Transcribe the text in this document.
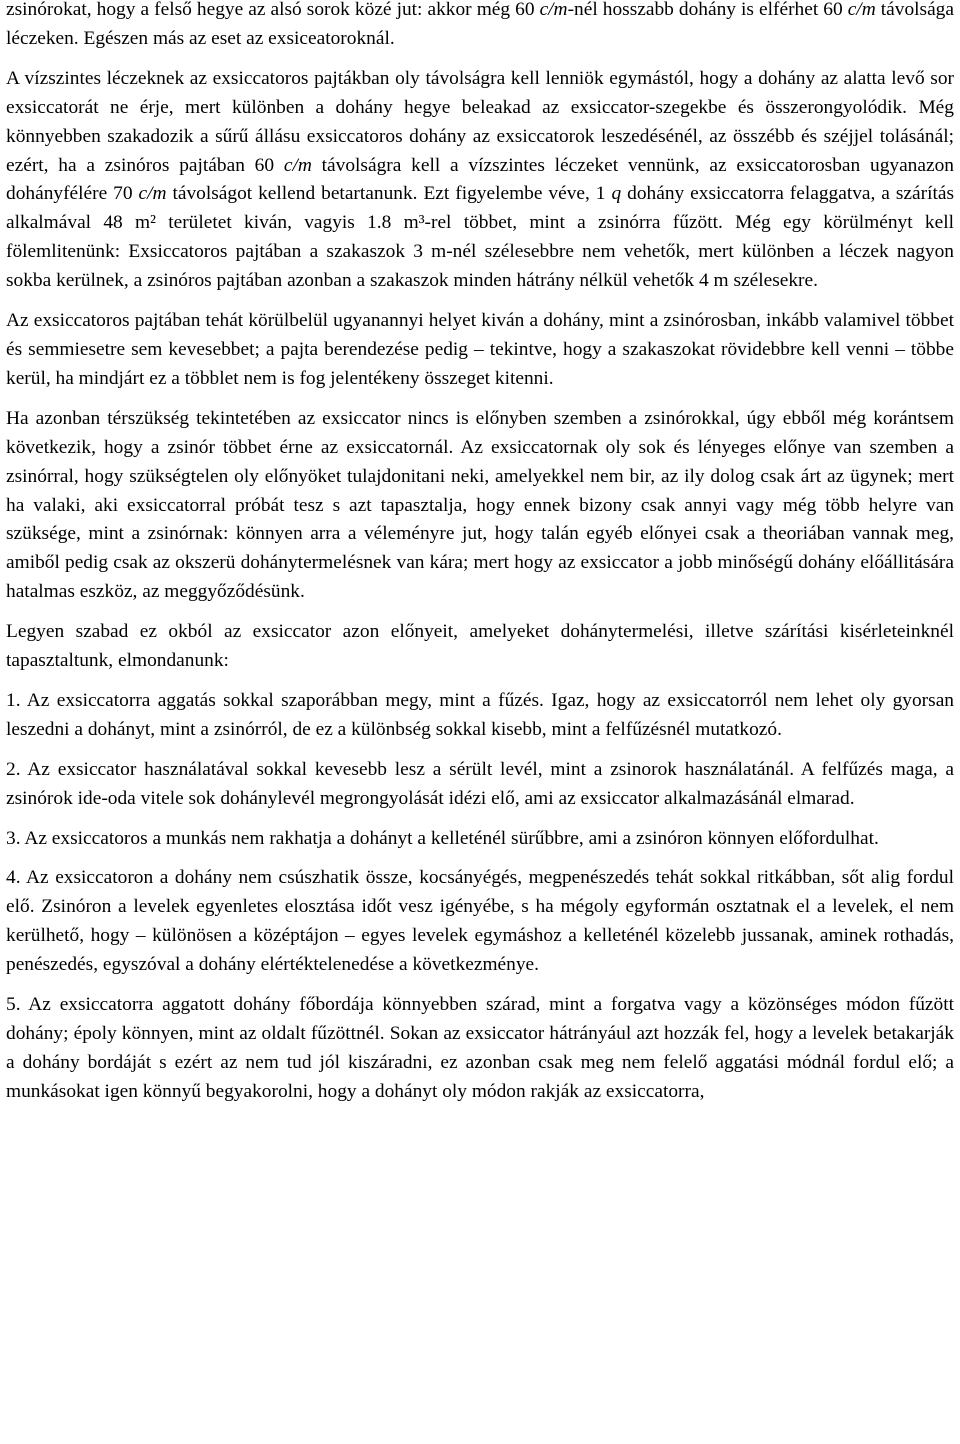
zsinórokat, hogy a felső hegye az alsó sorok közé jut: akkor még 60 c/m-nél hosszabb dohány is elférhet 60 c/m távolsága léczeken. Egészen más az eset az exsiceatoroknál.

A vízszintes léczeknek az exsiccatoros pajtákban oly távolságra kell lenniök egymástól, hogy a dohány az alatta levő sor exsiccatorát ne érje, mert különben a dohány hegye beleakad az exsiccator-szegekbe és összerongyolódik. Még könnyebben szakadozik a sűrű állásu exsiccatoros dohány az exsiccatorok leszedésénél, az összébb és széjjel tolásánál; ezért, ha a zsinóros pajtában 60 c/m távolságra kell a vízszintes léczeket vennünk, az exsiccatorosban ugyanazon dohányfélére 70 c/m távolságot kellend betartanunk. Ezt figyelembe véve, 1 q dohány exsiccatorra felaggatva, a szárítás alkalmával 48 m² területet kiván, vagyis 1.8 m³-rel többet, mint a zsinórra fűzött. Még egy körülményt kell fölemlitenünk: Exsiccatoros pajtában a szakaszok 3 m-nél szélesebbre nem vehetők, mert különben a léczek nagyon sokba kerülnek, a zsinóros pajtában azonban a szakaszok minden hátrány nélkül vehetők 4 m szélesekre.

Az exsiccatoros pajtában tehát körülbelül ugyanannyi helyet kiván a dohány, mint a zsinórosban, inkább valamivel többet és semmiesetre sem kevesebbet; a pajta berendezése pedig – tekintve, hogy a szakaszokat rövidebbre kell venni – többe kerül, ha mindjárt ez a többlet nem is fog jelentékeny összeget kitenni.

Ha azonban térszükség tekintetében az exsiccator nincs is előnyben szemben a zsinórokkal, úgy ebből még korántsem következik, hogy a zsinór többet érne az exsiccatornál. Az exsiccatornak oly sok és lényeges előnye van szemben a zsinórral, hogy szükségtelen oly előnyöket tulajdonitani neki, amelyekkel nem bir, az ily dolog csak árt az ügynek; mert ha valaki, aki exsiccatorral próbát tesz s azt tapasztalja, hogy ennek bizony csak annyi vagy még több helyre van szüksége, mint a zsinórnak: könnyen arra a véleményre jut, hogy talán egyéb előnyei csak a theoriában vannak meg, amiből pedig csak az okszerü dohánytermelésnek van kára; mert hogy az exsiccator a jobb minőségű dohány előállitására hatalmas eszköz, az meggyőződésünk.

Legyen szabad ez okból az exsiccator azon előnyeit, amelyeket dohánytermelési, illetve szárítási kisérleteinknél tapasztaltunk, elmondanunk:

1. Az exsiccatorra aggatás sokkal szaporábban megy, mint a fűzés. Igaz, hogy az exsiccatorról nem lehet oly gyorsan leszedni a dohányt, mint a zsinórról, de ez a különbség sokkal kisebb, mint a felfűzésnél mutatkozó.

2. Az exsiccator használatával sokkal kevesebb lesz a sérült levél, mint a zsinorok használatánál. A felfűzés maga, a zsinórok ide-oda vitele sok dohánylevél megrongyolását idézi elő, ami az exsiccator alkalmazásánál elmarad.

3. Az exsiccatoros a munkás nem rakhatja a dohányt a kelleténél sürűbbre, ami a zsinóron könnyen előfordulhat.

4. Az exsiccatoron a dohány nem csúszhatik össze, kocsányégés, megpenészedés tehát sokkal ritkábban, sőt alig fordul elő. Zsinóron a levelek egyenletes elosztása időt vesz igényébe, s ha mégoly egyformán osztatnak el a levelek, el nem kerülhető, hogy – különösen a középtájon – egyes levelek egymáshoz a kelleténél közelebb jussanak, aminek rothadás, penészedés, egyszóval a dohány elértéktelenedése a következménye.

5. Az exsiccatorra aggatott dohány főbordája könnyebben szárad, mint a forgatva vagy a közönséges módon fűzött dohány; époly könnyen, mint az oldalt fűzöttnél. Sokan az exsiccator hátrányául azt hozzák fel, hogy a levelek betakarják a dohány bordáját s ezért az nem tud jól kiszáradni, ez azonban csak meg nem felelő aggatási módnál fordul elő; a munkásokat igen könnyű begyakorolni, hogy a dohányt oly módon rakják az exsiccatorra,
